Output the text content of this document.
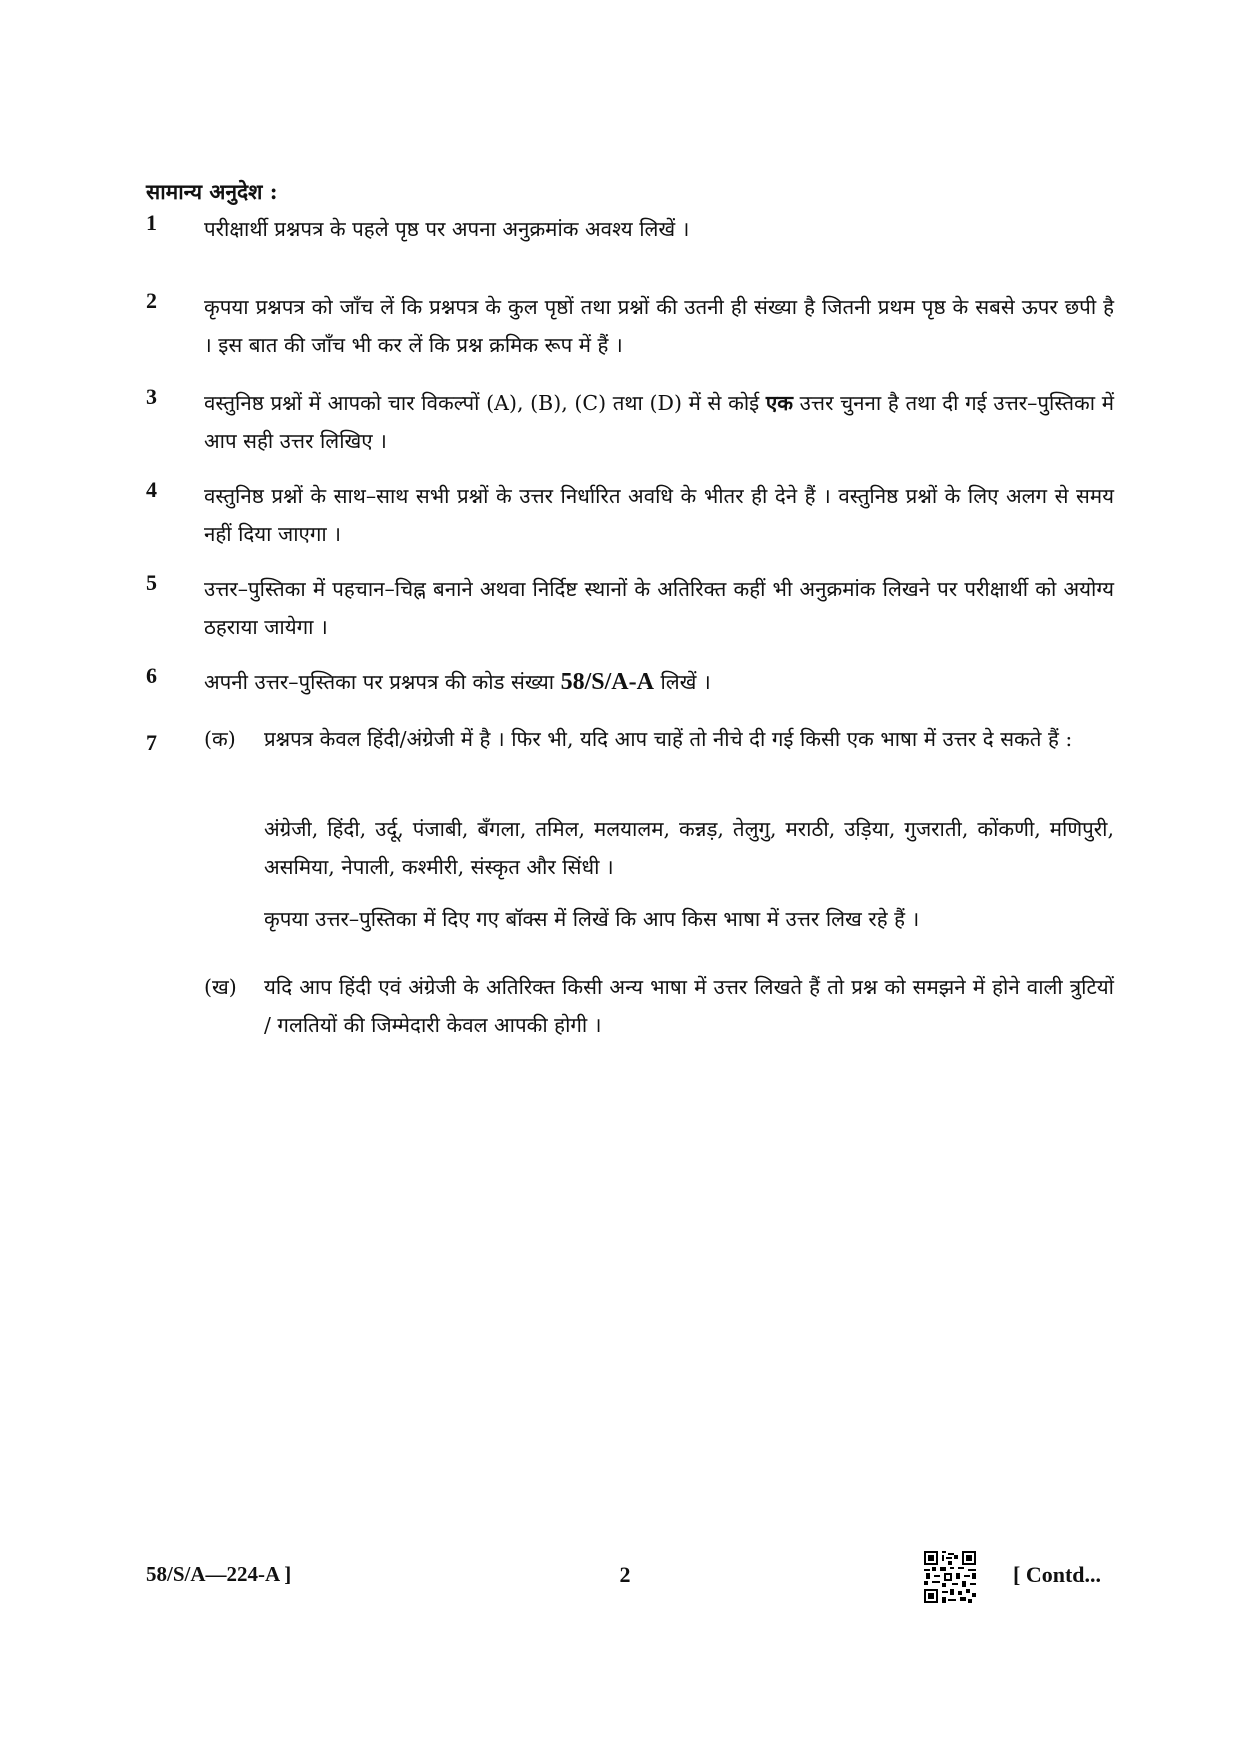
सामान्य अनुदेश :
1	परीक्षार्थी प्रश्नपत्र के पहले पृष्ठ पर अपना अनुक्रमांक अवश्य लिखें ।
2	कृपया प्रश्नपत्र को जाँच लें कि प्रश्नपत्र के कुल पृष्ठों तथा प्रश्नों की उतनी ही संख्या है जितनी प्रथम पृष्ठ के सबसे ऊपर छपी है । इस बात की जाँच भी कर लें कि प्रश्न क्रमिक रूप में हैं ।
3	वस्तुनिष्ठ प्रश्नों में आपको चार विकल्पों (A), (B), (C) तथा (D) में से कोई एक उत्तर चुनना है तथा दी गई उत्तर–पुस्तिका में आप सही उत्तर लिखिए ।
4	वस्तुनिष्ठ प्रश्नों के साथ–साथ सभी प्रश्नों के उत्तर निर्धारित अवधि के भीतर ही देने हैं । वस्तुनिष्ठ प्रश्नों के लिए अलग से समय नहीं दिया जाएगा ।
5	उत्तर–पुस्तिका में पहचान–चिह्न बनाने अथवा निर्दिष्ट स्थानों के अतिरिक्त कहीं भी अनुक्रमांक लिखने पर परीक्षार्थी को अयोग्य ठहराया जायेगा ।
6	अपनी उत्तर–पुस्तिका पर प्रश्नपत्र की कोड संख्या 58/S/A-A लिखें ।
7	(क) प्रश्नपत्र केवल हिंदी/अंग्रेजी में है । फिर भी, यदि आप चाहें तो नीचे दी गई किसी एक भाषा में उत्तर दे सकते हैं :
अंग्रेजी, हिंदी, उर्दू, पंजाबी, बँगला, तमिल, मलयालम, कन्नड़, तेलुगु, मराठी, उड़िया, गुजराती, कोंकणी, मणिपुरी, असमिया, नेपाली, कश्मीरी, संस्कृत और सिंधी ।
कृपया उत्तर–पुस्तिका में दिए गए बॉक्स में लिखें कि आप किस भाषा में उत्तर लिख रहे हैं ।
(ख) यदि आप हिंदी एवं अंग्रेजी के अतिरिक्त किसी अन्य भाषा में उत्तर लिखते हैं तो प्रश्न को समझने में होने वाली त्रुटियों / गलतियों की जिम्मेदारी केवल आपकी होगी ।
58/S/A—224-A ]	2	[ Contd...
